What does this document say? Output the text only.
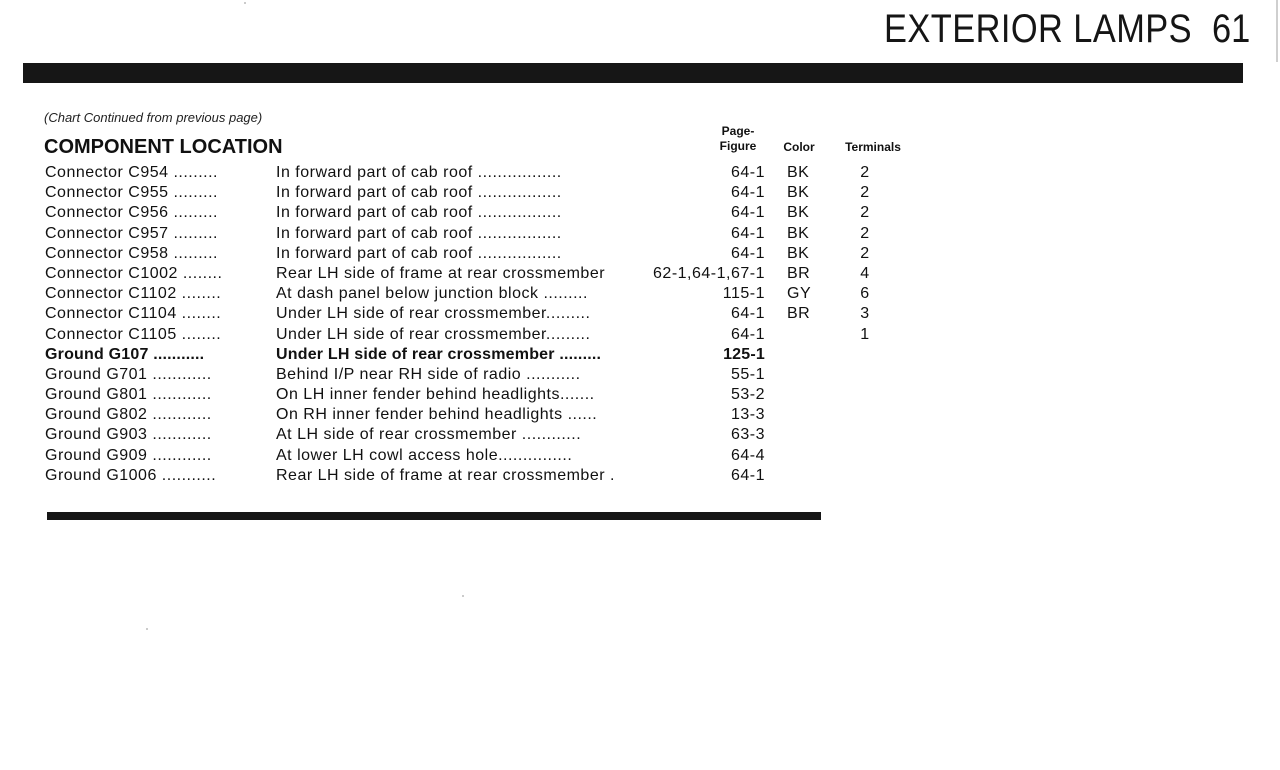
EXTERIOR LAMPS 61
(Chart Continued from previous page)
COMPONENT LOCATION
Page-
Figure	Color	Terminals
Connector C954 .........	In forward part of cab roof .................	64-1 BK	2
Connector C955 .........	In forward part of cab roof .................	64-1 BK	2
Connector C956 .........	In forward part of cab roof .................	64-1 BK	2
Connector C957 .........	In forward part of cab roof .................	64-1 BK	2
Connector C958 .........	In forward part of cab roof .................	64-1 BK	2
Connector C1002 ........	Rear LH side of frame at rear crossmember	62-1,64-1,67-1 BR	4
Connector C1102 ........	At dash panel below junction block .........	115-1 GY	6
Connector C1104 ........	Under LH side of rear crossmember.........	64-1 BR	3
Connector C1105 ........	Under LH side of rear crossmember.........	64-1	1
Ground G107 ...........	Under LH side of rear crossmember .........	125-1
Ground G701 ............	Behind I/P near RH side of radio ...........	55-1
Ground G801 ............	On LH inner fender behind headlights.......	53-2
Ground G802 ............	On RH inner fender behind headlights ......	13-3
Ground G903 ............	At LH side of rear crossmember ............	63-3
Ground G909 ............	At lower LH cowl access hole...............	64-4
Ground G1006 ...........	Rear LH side of frame at rear crossmember .	64-1
